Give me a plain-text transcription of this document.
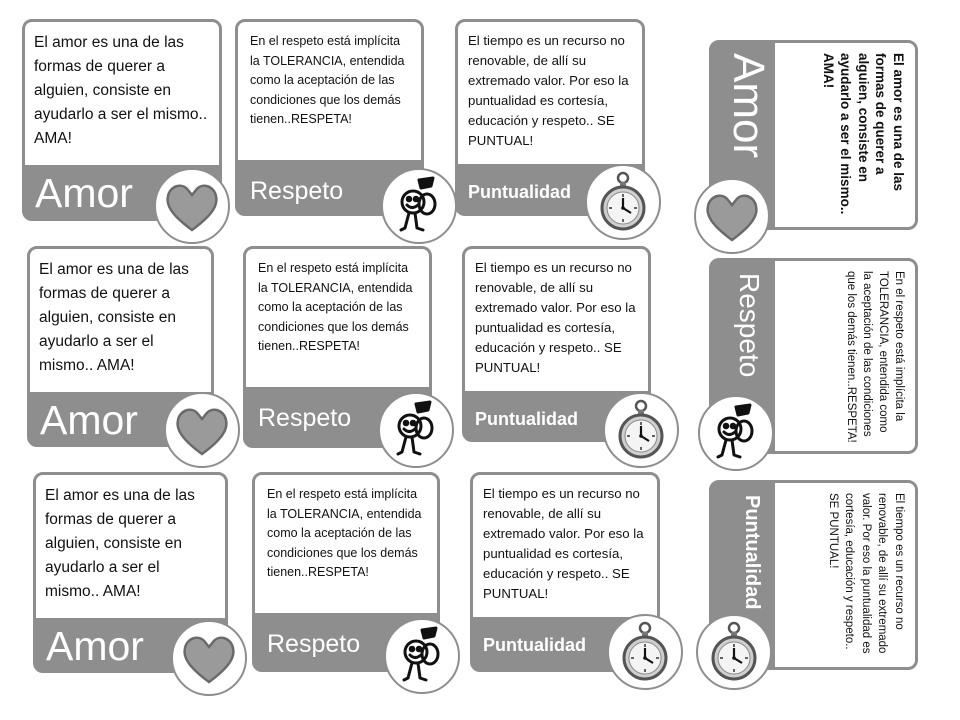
El amor es una de las formas de querer a alguien, consiste en ayudarlo a ser el mismo.. AMA!
Amor
En el respeto está implícita la TOLERANCIA, entendida como la aceptación de las condiciones que los demás tienen..RESPETA!
Respeto
El tiempo es un recurso no renovable, de allí su extremado valor. Por eso la puntualidad es cortesía, educación y respeto.. SE PUNTUAL!
Puntualidad
El amor es una de las formas de querer a alguien, consiste en ayudarlo a ser el mismo.. AMA!
Amor
En el respeto está implícita la TOLERANCIA, entendida como la aceptación de las condiciones que los demás tienen..RESPETA!
Respeto
El tiempo es un recurso no renovable, de allí su extremado valor. Por eso la puntualidad es cortesía, educación y respeto.. SE PUNTUAL!
Puntualidad
El amor es una de las formas de querer a alguien, consiste en ayudarlo a ser el mismo.. AMA!
Amor
En el respeto está implícita la TOLERANCIA, entendida como la aceptación de las condiciones que los demás tienen..RESPETA!
Respeto
El tiempo es un recurso no renovable, de allí su extremado valor. Por eso la puntualidad es cortesía, educación y respeto.. SE PUNTUAL!
Puntualidad
El amor es una de las formas de querer a alguien, consiste en ayudarlo a ser el mismo.. AMA!
Amor
En el respeto está implícita la TOLERANCIA, entendida como la aceptación de las condiciones que los demás tienen..RESPETA!
Respeto
El tiempo es un recurso no renovable, de allí su extremado valor. Por eso la puntualidad es cortesía, educación y respeto.. SE PUNTUAL!
Puntualidad
